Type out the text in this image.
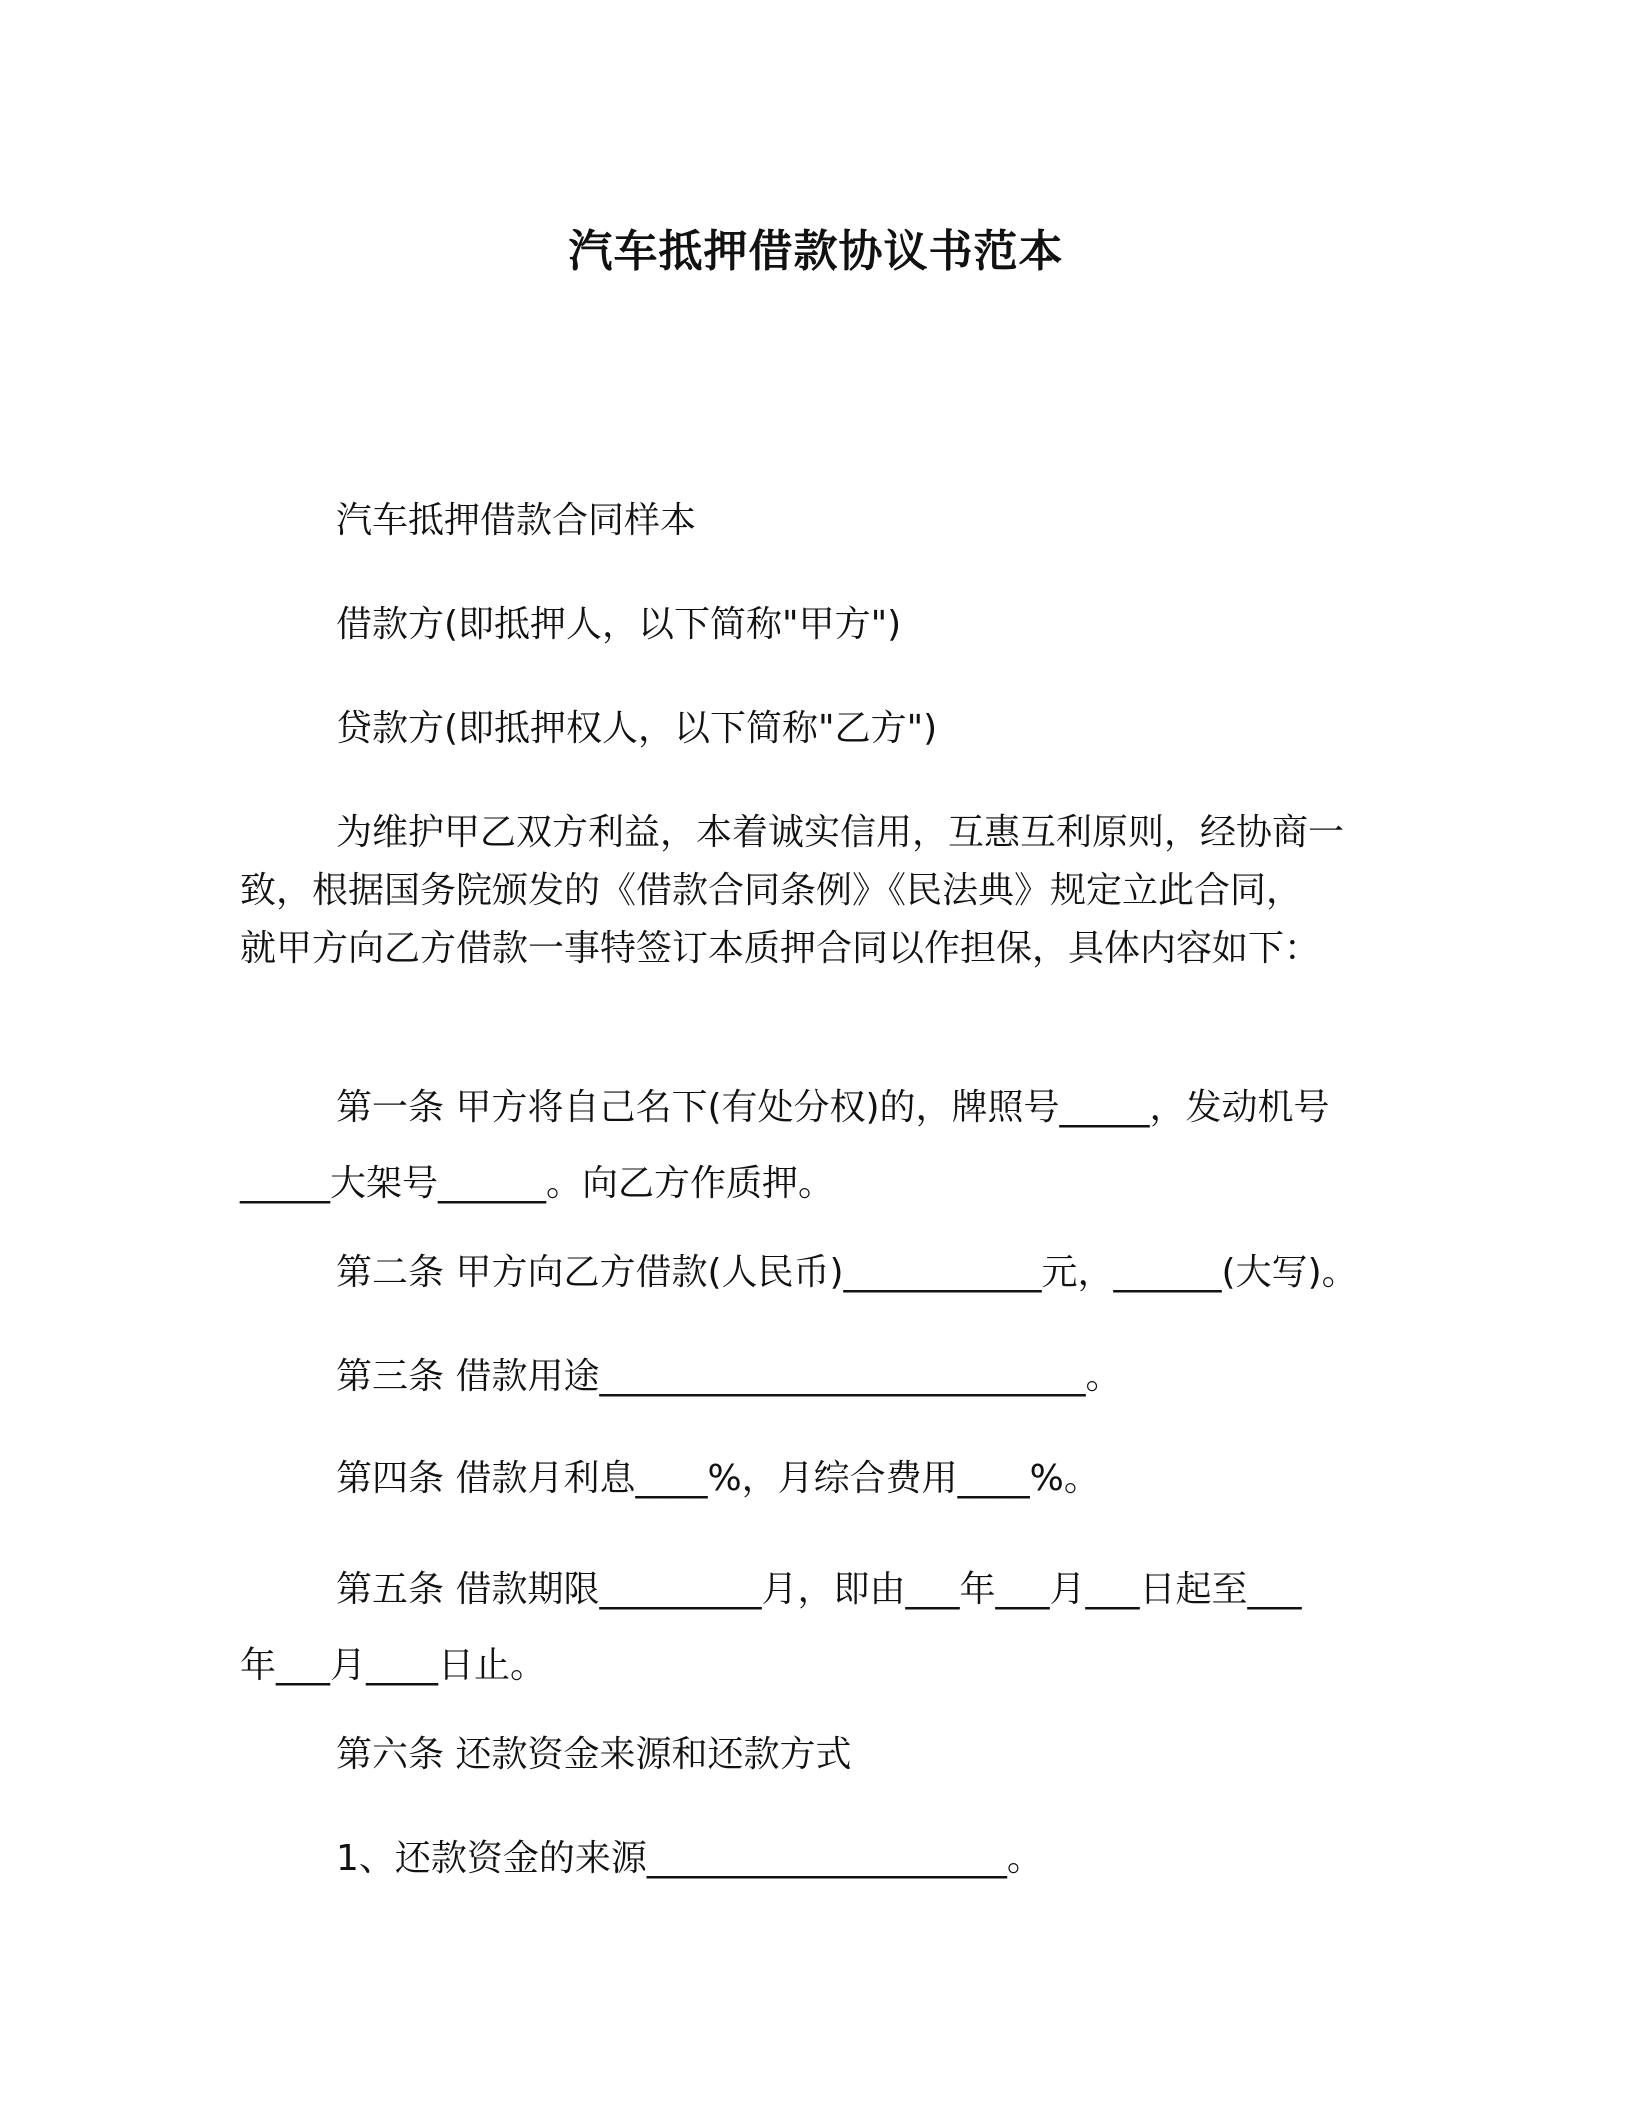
汽车抵押借款协议书范本
汽车抵押借款合同样本
借款方(即抵押人，以下简称"甲方")
贷款方(即抵押权人，以下简称"乙方")
为维护甲乙双方利益，本着诚实信用，互惠互利原则，经协商一
致，根据国务院颁发的《借款合同条例》《民法典》规定立此合同，
就甲方向乙方借款一事特签订本质押合同以作担保，具体内容如下：
第一条 甲方将自己名下(有处分权)的，牌照号_____，发动机号
_____大架号______。向乙方作质押。
第二条 甲方向乙方借款(人民币)___________元，______(大写)。
第三条 借款用途___________________________。
第四条 借款月利息____%，月综合费用____%。
第五条 借款期限_________月，即由___年___月___日起至___
年___月____日止。
第六条 还款资金来源和还款方式
1、还款资金的来源____________________。
